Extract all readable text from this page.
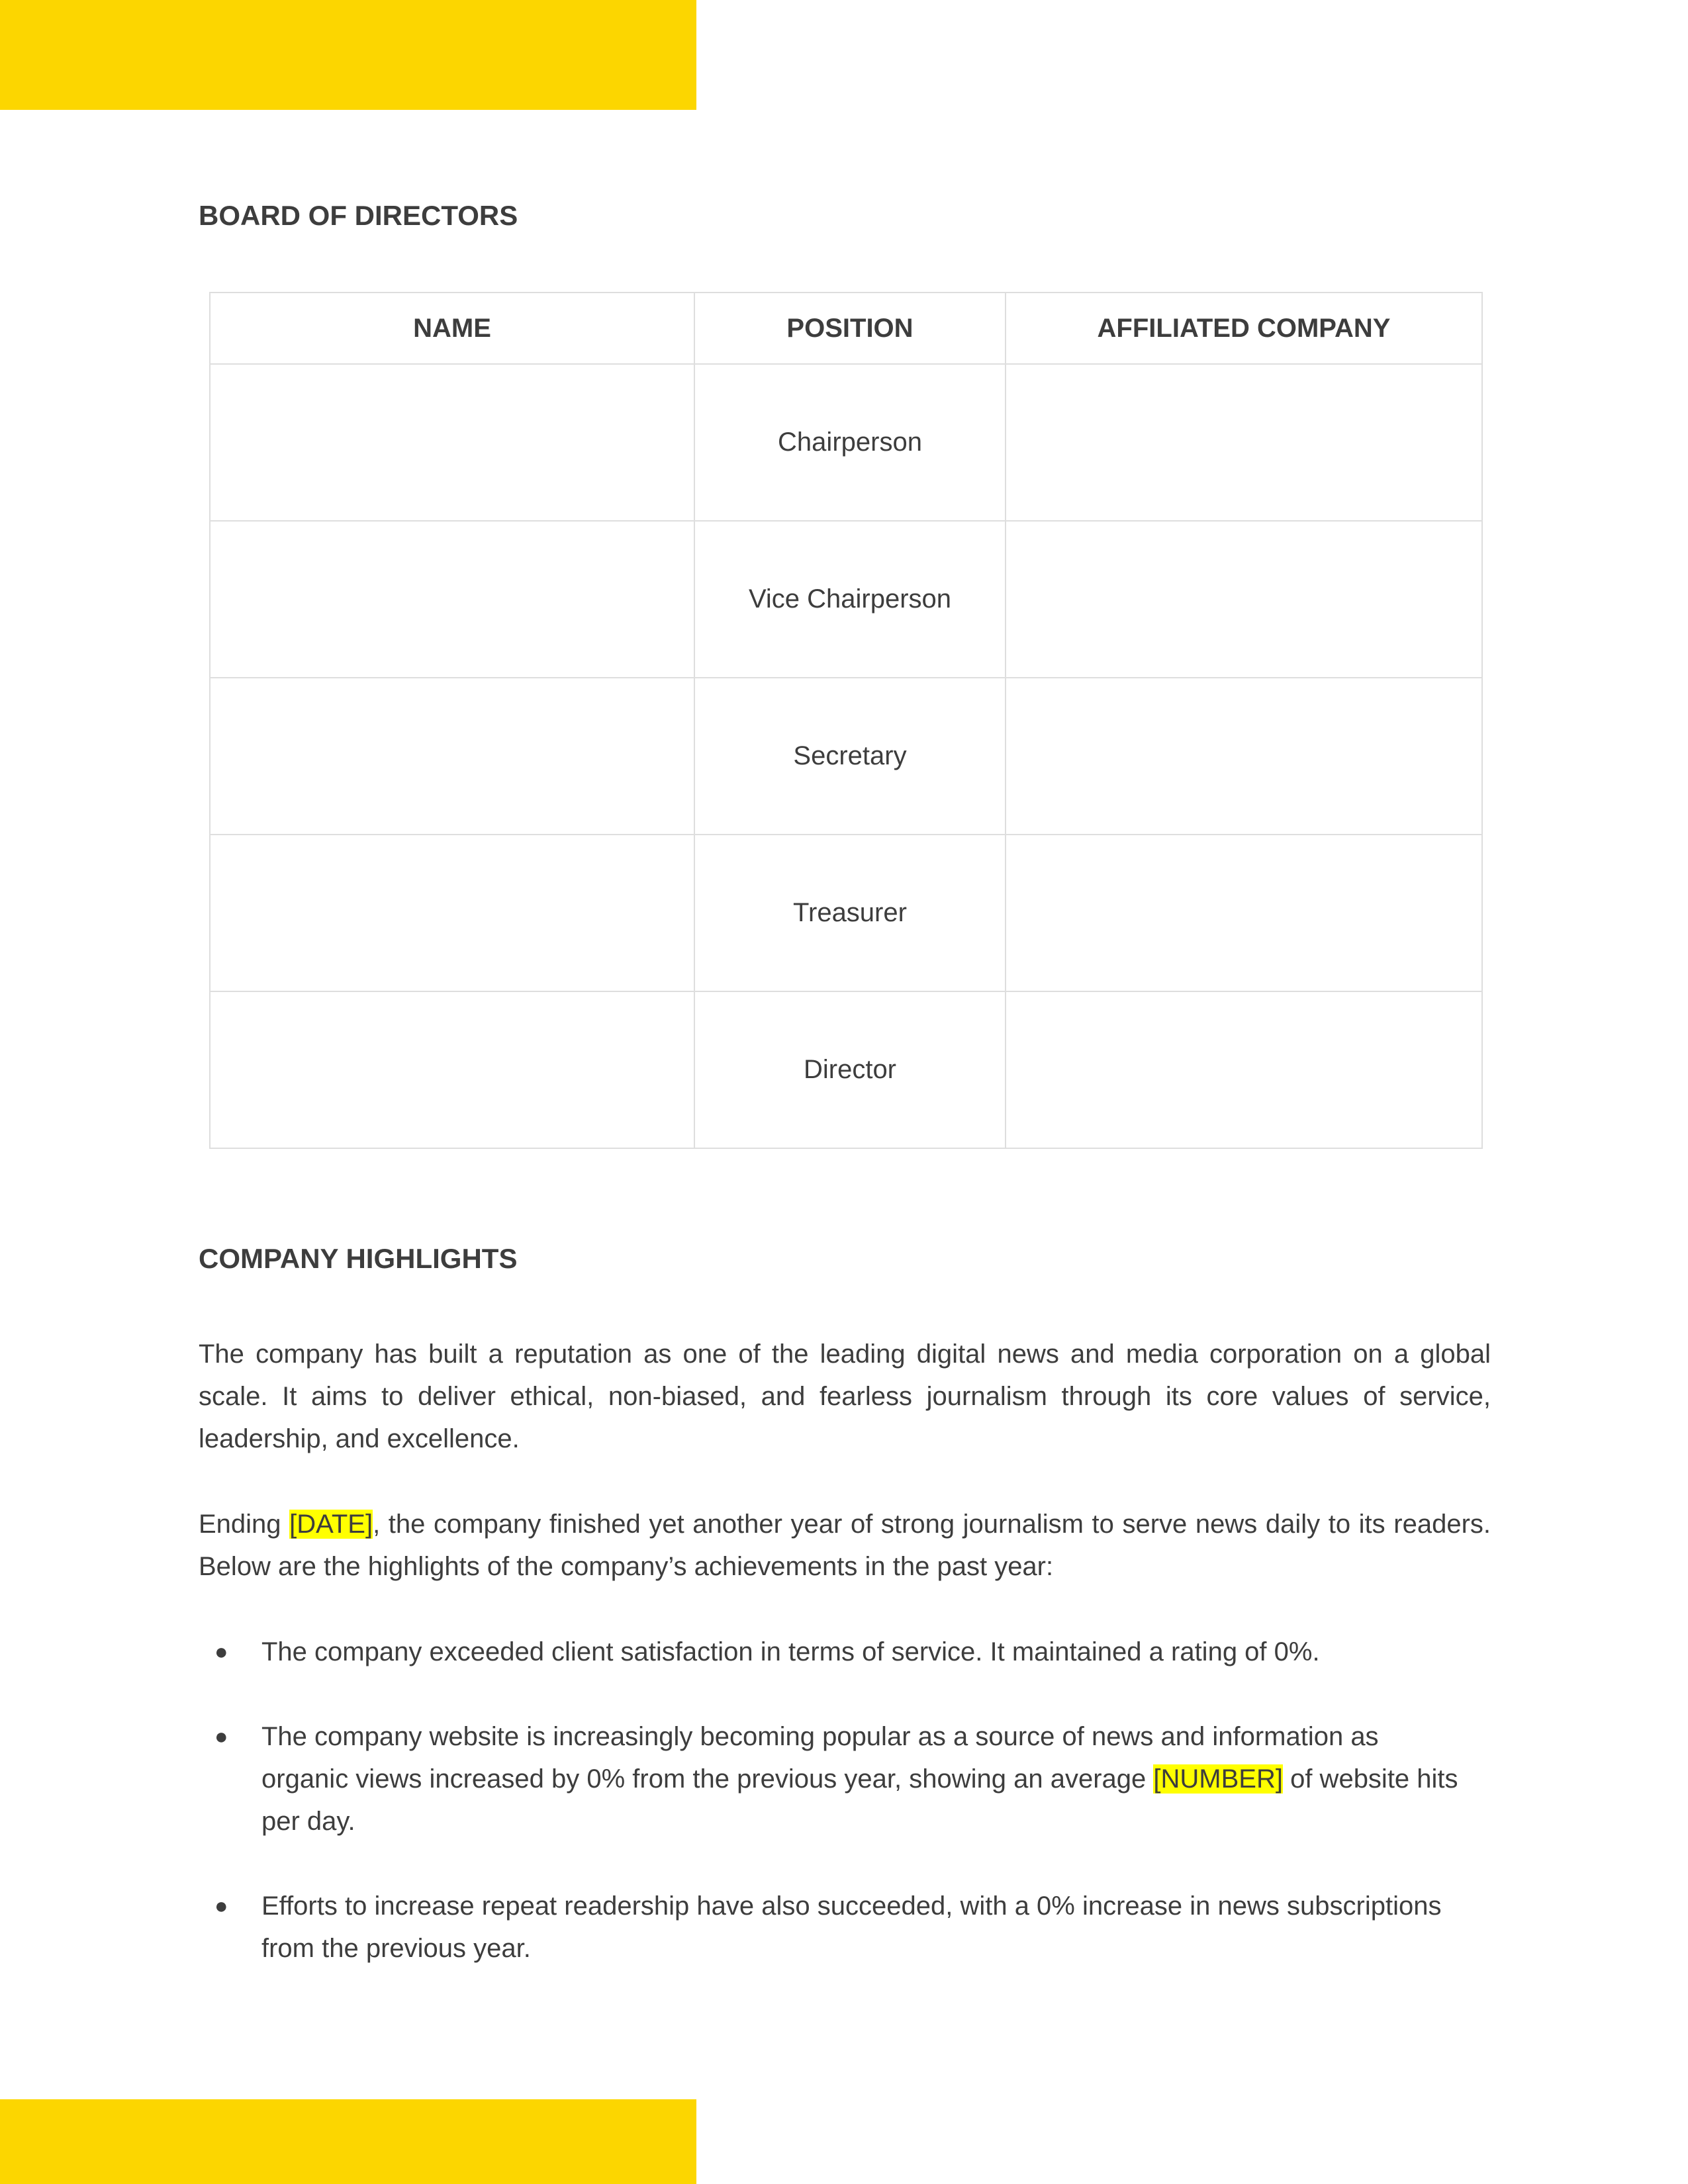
BOARD OF DIRECTORS
NAME	POSITION	AFFILIATED COMPANY
	Chairperson	
	Vice Chairperson	
	Secretary	
	Treasurer	
	Director	
COMPANY HIGHLIGHTS

The company has built a reputation as one of the leading digital news and media corporation on a global scale. It aims to deliver ethical, non-biased, and fearless journalism through its core values of service, leadership, and excellence.

Ending [DATE], the company finished yet another year of strong journalism to serve news daily to its readers. Below are the highlights of the company’s achievements in the past year:

● The company exceeded client satisfaction in terms of service. It maintained a rating of 0%.
● The company website is increasingly becoming popular as a source of news and information as organic views increased by 0% from the previous year, showing an average [NUMBER] of website hits per day.
● Efforts to increase repeat readership have also succeeded, with a 0% increase in news subscriptions from the previous year.
